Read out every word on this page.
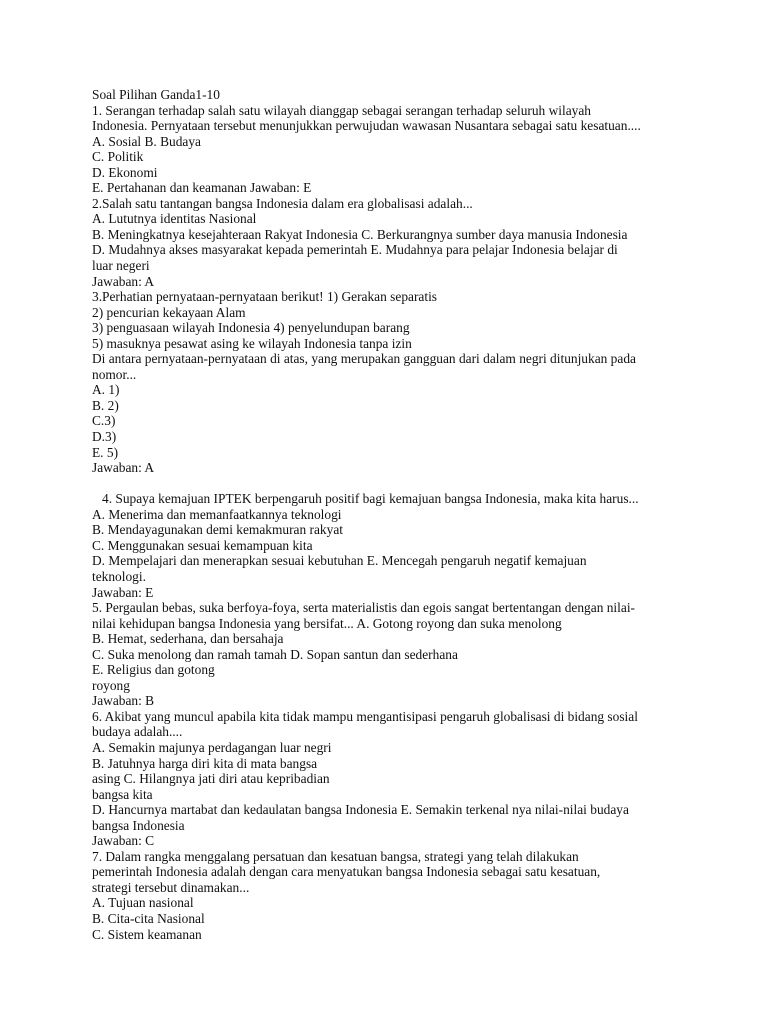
Soal Pilihan Ganda1-10
1. Serangan terhadap salah satu wilayah dianggap sebagai serangan terhadap seluruh wilayah
Indonesia. Pernyataan tersebut menunjukkan perwujudan wawasan Nusantara sebagai satu kesatuan....
A. Sosial B. Budaya
C. Politik
D. Ekonomi
E. Pertahanan dan keamanan Jawaban: E
2.Salah satu tantangan bangsa Indonesia dalam era globalisasi adalah...
A. Lututnya identitas Nasional
B. Meningkatnya kesejahteraan Rakyat Indonesia C. Berkurangnya sumber daya manusia Indonesia
D. Mudahnya akses masyarakat kepada pemerintah E. Mudahnya para pelajar Indonesia belajar di
luar negeri
Jawaban: A
3.Perhatian pernyataan-pernyataan berikut! 1) Gerakan separatis
2) pencurian kekayaan Alam
3) penguasaan wilayah Indonesia 4) penyelundupan barang
5) masuknya pesawat asing ke wilayah Indonesia tanpa izin
Di antara pernyataan-pernyataan di atas, yang merupakan gangguan dari dalam negri ditunjukan pada
nomor...
A. 1)
B. 2)
C.3)
D.3)
E. 5)
Jawaban: A
4. Supaya kemajuan IPTEK berpengaruh positif bagi kemajuan bangsa Indonesia, maka kita harus...
A. Menerima dan memanfaatkannya teknologi
B. Mendayagunakan demi kemakmuran rakyat
C. Menggunakan sesuai kemampuan kita
D. Mempelajari dan menerapkan sesuai kebutuhan E. Mencegah pengaruh negatif kemajuan
teknologi.
Jawaban: E
5. Pergaulan bebas, suka berfoya-foya, serta materialistis dan egois sangat bertentangan dengan nilai-
nilai kehidupan bangsa Indonesia yang bersifat... A. Gotong royong dan suka menolong
B. Hemat, sederhana, dan bersahaja
C. Suka menolong dan ramah tamah D. Sopan santun dan sederhana
E. Religius dan gotong
royong
Jawaban: B
6. Akibat yang muncul apabila kita tidak mampu mengantisipasi pengaruh globalisasi di bidang sosial
budaya adalah....
A. Semakin majunya perdagangan luar negri
B. Jatuhnya harga diri kita di mata bangsa
asing C. Hilangnya jati diri atau kepribadian
bangsa kita
D. Hancurnya martabat dan kedaulatan bangsa Indonesia E. Semakin terkenal nya nilai-nilai budaya
bangsa Indonesia
Jawaban: C
7. Dalam rangka menggalang persatuan dan kesatuan bangsa, strategi yang telah dilakukan
pemerintah Indonesia adalah dengan cara menyatukan bangsa Indonesia sebagai satu kesatuan,
strategi tersebut dinamakan...
A. Tujuan nasional
B. Cita-cita Nasional
C. Sistem keamanan
